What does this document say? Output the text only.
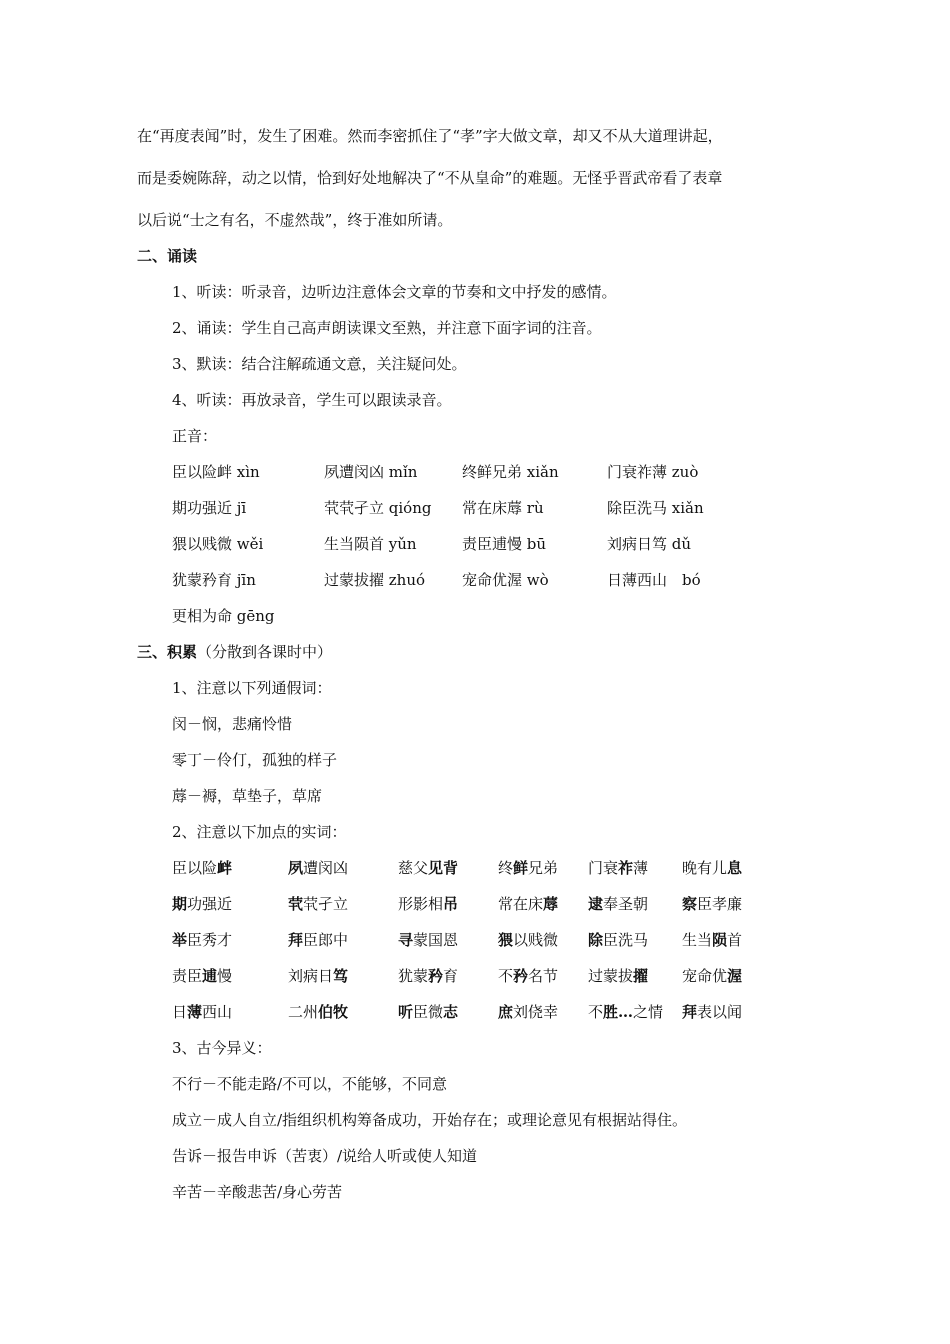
在“再度表闻”时，发生了困难。然而李密抓住了“孝”字大做文章，却又不从大道理讲起，
而是委婉陈辞，动之以情，恰到好处地解决了“不从皇命”的难题。无怪乎晋武帝看了表章
以后说“士之有名，不虚然哉”，终于准如所请。
二、诵读
1、听读：听录音，边听边注意体会文章的节奏和文中抒发的感情。
2、诵读：学生自己高声朗读课文至熟，并注意下面字词的注音。
3、默读：结合注解疏通文意，关注疑问处。
4、听读：再放录音，学生可以跟读录音。
正音：
臣以险衅 xìn	夙遭闵凶 mǐn	终鲜兄弟 xiǎn	门衰祚薄 zuò
期功强近 jī	茕茕孑立 qióng 常在床蓐 rù	除臣洗马 xiǎn
猥以贱微 wěi	生当陨首 yǔn	责臣逋慢 bū	刘病日笃 dǔ
犹蒙矜育 jīn	过蒙拔擢 zhuó 宠命优渥 wò	日薄西山　bó
更相为命 gēng
三、积累（分散到各课时中）
1、注意以下列通假词：
闵－悯，悲痛怜惜
零丁－伶仃，孤独的样子
蓐－褥，草垫子，草席
2、注意以下加点的实词：
臣以险衅	夙遭闵凶	慈父见背	终鲜兄弟 门衰祚薄 晚有儿息
期功强近	茕茕孑立	形影相吊	常在床蓐 逮奉圣朝 察臣孝廉
举臣秀才	拜臣郎中	寻蒙国恩	猥以贱微 除臣洗马 生当陨首
责臣逋慢	刘病日笃	犹蒙矜育	不矜名节 过蒙拔擢 宠命优渥
日薄西山	二州伯牧	听臣微志	庶刘侥幸 不胜…之情 拜表以闻
3、古今异义：
不行－不能走路/不可以，不能够，不同意
成立－成人自立/指组织机构筹备成功，开始存在；或理论意见有根据站得住。
告诉－报告申诉（苦衷）/说给人听或使人知道
辛苦－辛酸悲苦/身心劳苦
